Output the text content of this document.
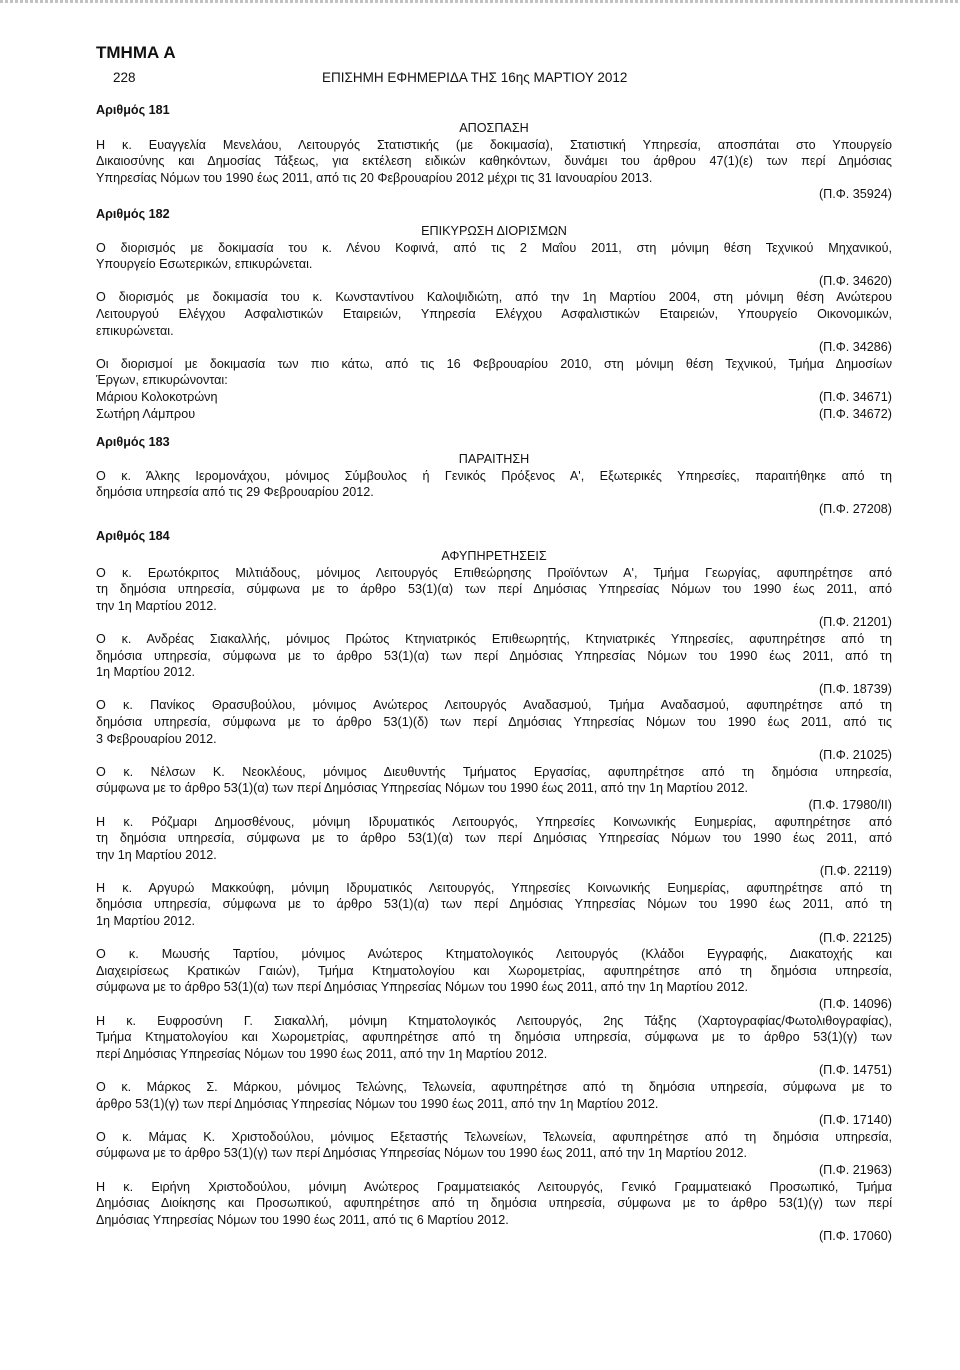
ΤΜΗΜΑ Α
228	ΕΠΙΣΗΜΗ ΕΦΗΜΕΡΙΔΑ ΤΗΣ 16ης ΜΑΡΤΙΟΥ 2012
Αριθμός 181
ΑΠΟΣΠΑΣΗ
Η κ. Ευαγγελία Μενελάου, Λειτουργός Στατιστικής (με δοκιμασία), Στατιστική Υπηρεσία, αποσπάται στο Υπουργείο
Δικαιοσύνης και Δημοσίας Τάξεως, για εκτέλεση ειδικών καθηκόντων, δυνάμει του άρθρου 47(1)(ε) των περί Δημόσιας
Υπηρεσίας Νόμων του 1990 έως 2011, από τις 20 Φεβρουαρίου 2012 μέχρι τις 31 Ιανουαρίου 2013.
(Π.Φ. 35924)
Αριθμός 182
ΕΠΙΚΥΡΩΣΗ ΔΙΟΡΙΣΜΩΝ
Ο διορισμός με δοκιμασία του κ. Λένου Κοφινά, από τις 2 Μαΐου 2011, στη μόνιμη θέση Τεχνικού Μηχανικού,
Υπουργείο Εσωτερικών, επικυρώνεται.
(Π.Φ. 34620)
Ο διορισμός με δοκιμασία του κ. Κωνσταντίνου Καλοψιδιώτη, από την 1η Μαρτίου 2004, στη μόνιμη θέση Ανώτερου
Λειτουργού Ελέγχου Ασφαλιστικών Εταιρειών, Υπηρεσία Ελέγχου Ασφαλιστικών Εταιρειών, Υπουργείο Οικονομικών,
επικυρώνεται.
(Π.Φ. 34286)
Οι διορισμοί με δοκιμασία των πιο κάτω, από τις 16 Φεβρουαρίου 2010, στη μόνιμη θέση Τεχνικού, Τμήμα Δημοσίων
Έργων, επικυρώνονται:
Μάριου Κολοκοτρώνη	(Π.Φ. 34671)
Σωτήρη Λάμπρου	(Π.Φ. 34672)
Αριθμός 183
ΠΑΡΑΙΤΗΣΗ
Ο κ. Άλκης Ιερομονάχου, μόνιμος Σύμβουλος ή Γενικός Πρόξενος Α', Εξωτερικές Υπηρεσίες, παραιτήθηκε από τη
δημόσια υπηρεσία από τις 29 Φεβρουαρίου 2012.
(Π.Φ. 27208)
Αριθμός 184
ΑΦΥΠΗΡΕΤΗΣΕΙΣ
Ο κ. Ερωτόκριτος Μιλτιάδους, μόνιμος Λειτουργός Επιθεώρησης Προϊόντων Α', Τμήμα Γεωργίας, αφυπηρέτησε από
τη δημόσια υπηρεσία, σύμφωνα με το άρθρο 53(1)(α) των περί Δημόσιας Υπηρεσίας Νόμων του 1990 έως 2011, από
την 1η Μαρτίου 2012.
(Π.Φ. 21201)
Ο κ. Ανδρέας Σιακαλλής, μόνιμος Πρώτος Κτηνιατρικός Επιθεωρητής, Κτηνιατρικές Υπηρεσίες, αφυπηρέτησε από τη
δημόσια υπηρεσία, σύμφωνα με το άρθρο 53(1)(α) των περί Δημόσιας Υπηρεσίας Νόμων του 1990 έως 2011, από τη
1η Μαρτίου 2012.
(Π.Φ. 18739)
Ο κ. Πανίκος Θρασυβούλου, μόνιμος Ανώτερος Λειτουργός Αναδασμού, Τμήμα Αναδασμού, αφυπηρέτησε από τη
δημόσια υπηρεσία, σύμφωνα με το άρθρο 53(1)(δ) των περί Δημόσιας Υπηρεσίας Νόμων του 1990 έως 2011, από τις
3 Φεβρουαρίου 2012.
(Π.Φ. 21025)
Ο κ. Νέλσων Κ. Νεοκλέους, μόνιμος Διευθυντής Τμήματος Εργασίας, αφυπηρέτησε από τη δημόσια υπηρεσία,
σύμφωνα με το άρθρο 53(1)(α) των περί Δημόσιας Υπηρεσίας Νόμων του 1990 έως 2011, από την 1η Μαρτίου 2012.
(Π.Φ. 17980/ΙΙ)
Η κ. Ρόζμαρι Δημοσθένους, μόνιμη Ιδρυματικός Λειτουργός, Υπηρεσίες Κοινωνικής Ευημερίας, αφυπηρέτησε από
τη δημόσια υπηρεσία, σύμφωνα με το άρθρο 53(1)(α) των περί Δημόσιας Υπηρεσίας Νόμων του 1990 έως 2011, από
την 1η Μαρτίου 2012.
(Π.Φ. 22119)
Η κ. Αργυρώ Μακκούφη, μόνιμη Ιδρυματικός Λειτουργός, Υπηρεσίες Κοινωνικής Ευημερίας, αφυπηρέτησε από τη
δημόσια υπηρεσία, σύμφωνα με το άρθρο 53(1)(α) των περί Δημόσιας Υπηρεσίας Νόμων του 1990 έως 2011, από τη
1η Μαρτίου 2012.
(Π.Φ. 22125)
Ο κ. Μωυσής Ταρτίου, μόνιμος Ανώτερος Κτηματολογικός Λειτουργός (Κλάδοι Εγγραφής, Διακατοχής και
Διαχειρίσεως Κρατικών Γαιών), Τμήμα Κτηματολογίου και Χωρομετρίας, αφυπηρέτησε από τη δημόσια υπηρεσία,
σύμφωνα με το άρθρο 53(1)(α) των περί Δημόσιας Υπηρεσίας Νόμων του 1990 έως 2011, από την 1η Μαρτίου 2012.
(Π.Φ. 14096)
Η κ. Ευφροσύνη Γ. Σιακαλλή, μόνιμη Κτηματολογικός Λειτουργός, 2ης Τάξης (Χαρτογραφίας/Φωτολιθογραφίας),
Τμήμα Κτηματολογίου και Χωρομετρίας, αφυπηρέτησε από τη δημόσια υπηρεσία, σύμφωνα με το άρθρο 53(1)(γ) των
περί Δημόσιας Υπηρεσίας Νόμων του 1990 έως 2011, από την 1η Μαρτίου 2012.
(Π.Φ. 14751)
Ο κ. Μάρκος Σ. Μάρκου, μόνιμος Τελώνης, Τελωνεία, αφυπηρέτησε από τη δημόσια υπηρεσία, σύμφωνα με το
άρθρο 53(1)(γ) των περί Δημόσιας Υπηρεσίας Νόμων του 1990 έως 2011, από την 1η Μαρτίου 2012.
(Π.Φ. 17140)
Ο κ. Μάμας Κ. Χριστοδούλου, μόνιμος Εξεταστής Τελωνείων, Τελωνεία, αφυπηρέτησε από τη δημόσια υπηρεσία,
σύμφωνα με το άρθρο 53(1)(γ) των περί Δημόσιας Υπηρεσίας Νόμων του 1990 έως 2011, από την 1η Μαρτίου 2012.
(Π.Φ. 21963)
Η κ. Ειρήνη Χριστοδούλου, μόνιμη Ανώτερος Γραμματειακός Λειτουργός, Γενικό Γραμματειακό Προσωπικό, Τμήμα
Δημόσιας Διοίκησης και Προσωπικού, αφυπηρέτησε από τη δημόσια υπηρεσία, σύμφωνα με το άρθρο 53(1)(γ) των περί
Δημόσιας Υπηρεσίας Νόμων του 1990 έως 2011, από τις 6 Μαρτίου 2012.
(Π.Φ. 17060)
